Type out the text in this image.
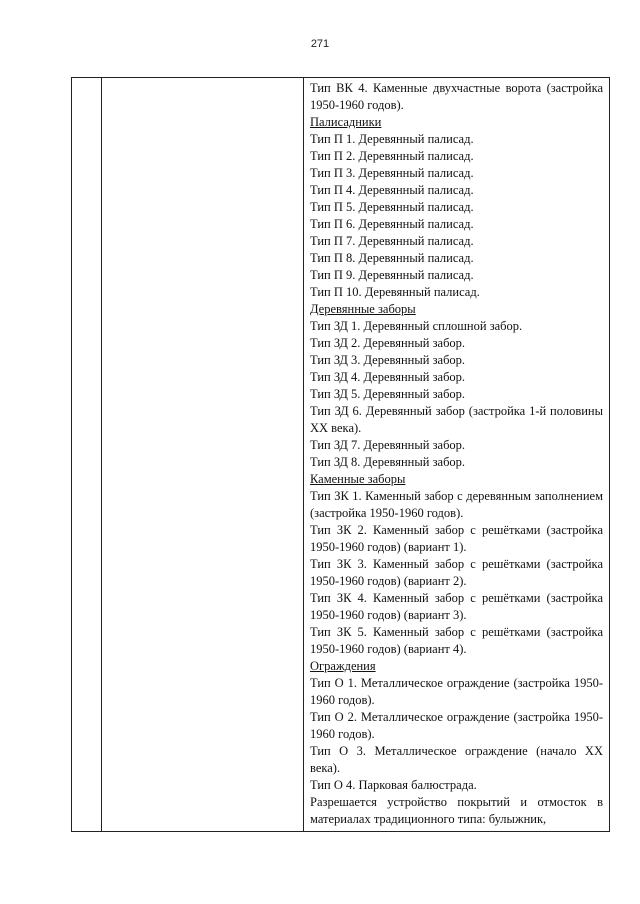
271

Тип ВК 4. Каменные двухчастные ворота (застройка 1950-1960 годов).

Палисадники

Тип П 1. Деревянный палисад.

Тип П 2. Деревянный палисад.

Тип П 3. Деревянный палисад.

Тип П 4. Деревянный палисад.

Тип П 5. Деревянный палисад.

Тип П 6. Деревянный палисад.

Тип П 7. Деревянный палисад.

Тип П 8. Деревянный палисад.

Тип П 9. Деревянный палисад.

Тип П 10. Деревянный палисад.

Деревянные заборы

Тип ЗД 1. Деревянный сплошной забор.

Тип ЗД 2. Деревянный забор.

Тип ЗД 3. Деревянный забор.

Тип ЗД 4. Деревянный забор.

Тип ЗД 5. Деревянный забор.

Тип ЗД 6. Деревянный забор (застройка 1-й половины XX века).

Тип ЗД 7. Деревянный забор.

Тип ЗД 8. Деревянный забор.

Каменные заборы

Тип ЗК 1. Каменный забор с деревянным заполнением (застройка 1950-1960 годов).

Тип ЗК 2. Каменный забор с решётками (застройка 1950-1960 годов) (вариант 1).

Тип ЗК 3. Каменный забор с решётками (застройка 1950-1960 годов) (вариант 2).

Тип ЗК 4. Каменный забор с решётками (застройка 1950-1960 годов) (вариант 3).

Тип ЗК 5. Каменный забор с решётками (застройка 1950-1960 годов) (вариант 4).

Ограждения

Тип О 1. Металлическое ограждение (застройка 1950-1960 годов).

Тип О 2. Металлическое ограждение (застройка 1950-1960 годов).

Тип О 3. Металлическое ограждение (начало XX века).

Тип О 4. Парковая балюстрада.

Разрешается устройство покрытий и отмосток в материалах традиционного типа: булыжник,
